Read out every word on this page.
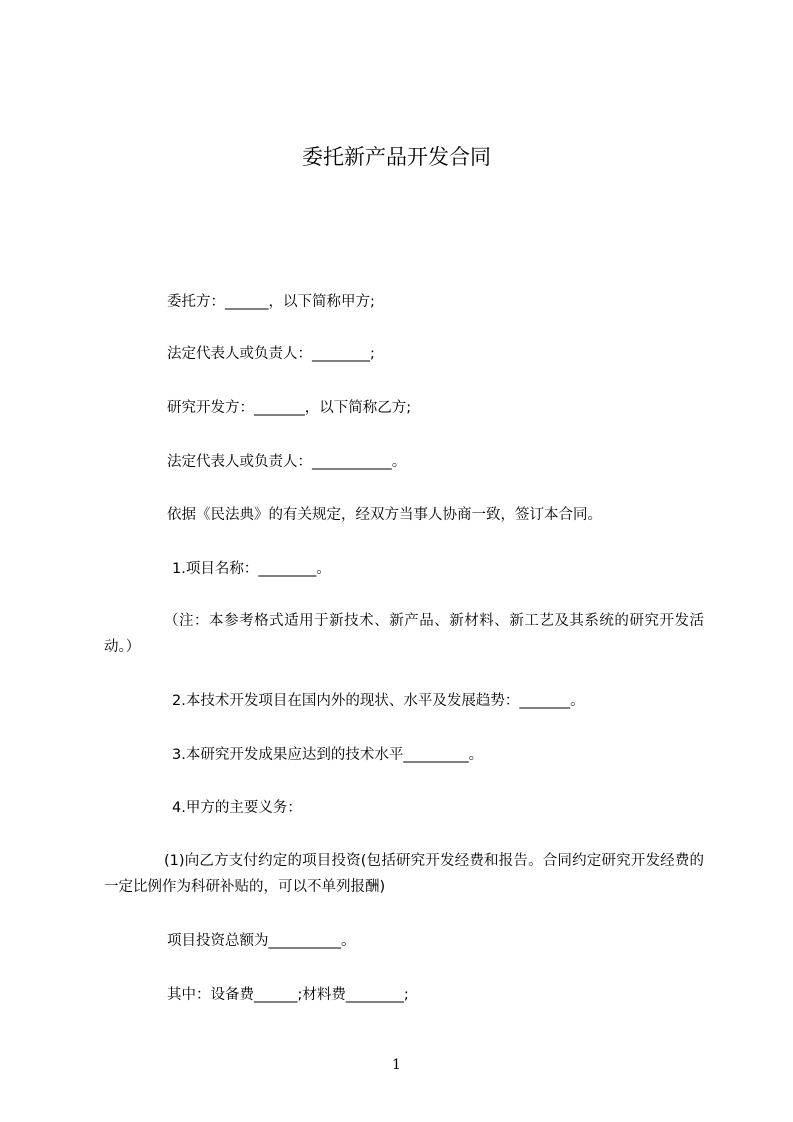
委托新产品开发合同
委托方：______，以下简称甲方;
法定代表人或负责人：________;
研究开发方：_______，以下简称乙方;
法定代表人或负责人：___________。
依据《民法典》的有关规定，经双方当事人协商一致，签订本合同。
1.项目名称：________。
（注：本参考格式适用于新技术、新产品、新材料、新工艺及其系统的研究开发活动。）
2.本技术开发项目在国内外的现状、水平及发展趋势：_______。
3.本研究开发成果应达到的技术水平_________。
4.甲方的主要义务：
(1)向乙方支付约定的项目投资(包括研究开发经费和报告。合同约定研究开发经费的一定比例作为科研补贴的，可以不单列报酬)
项目投资总额为__________。
其中：设备费______;材料费________;
1
